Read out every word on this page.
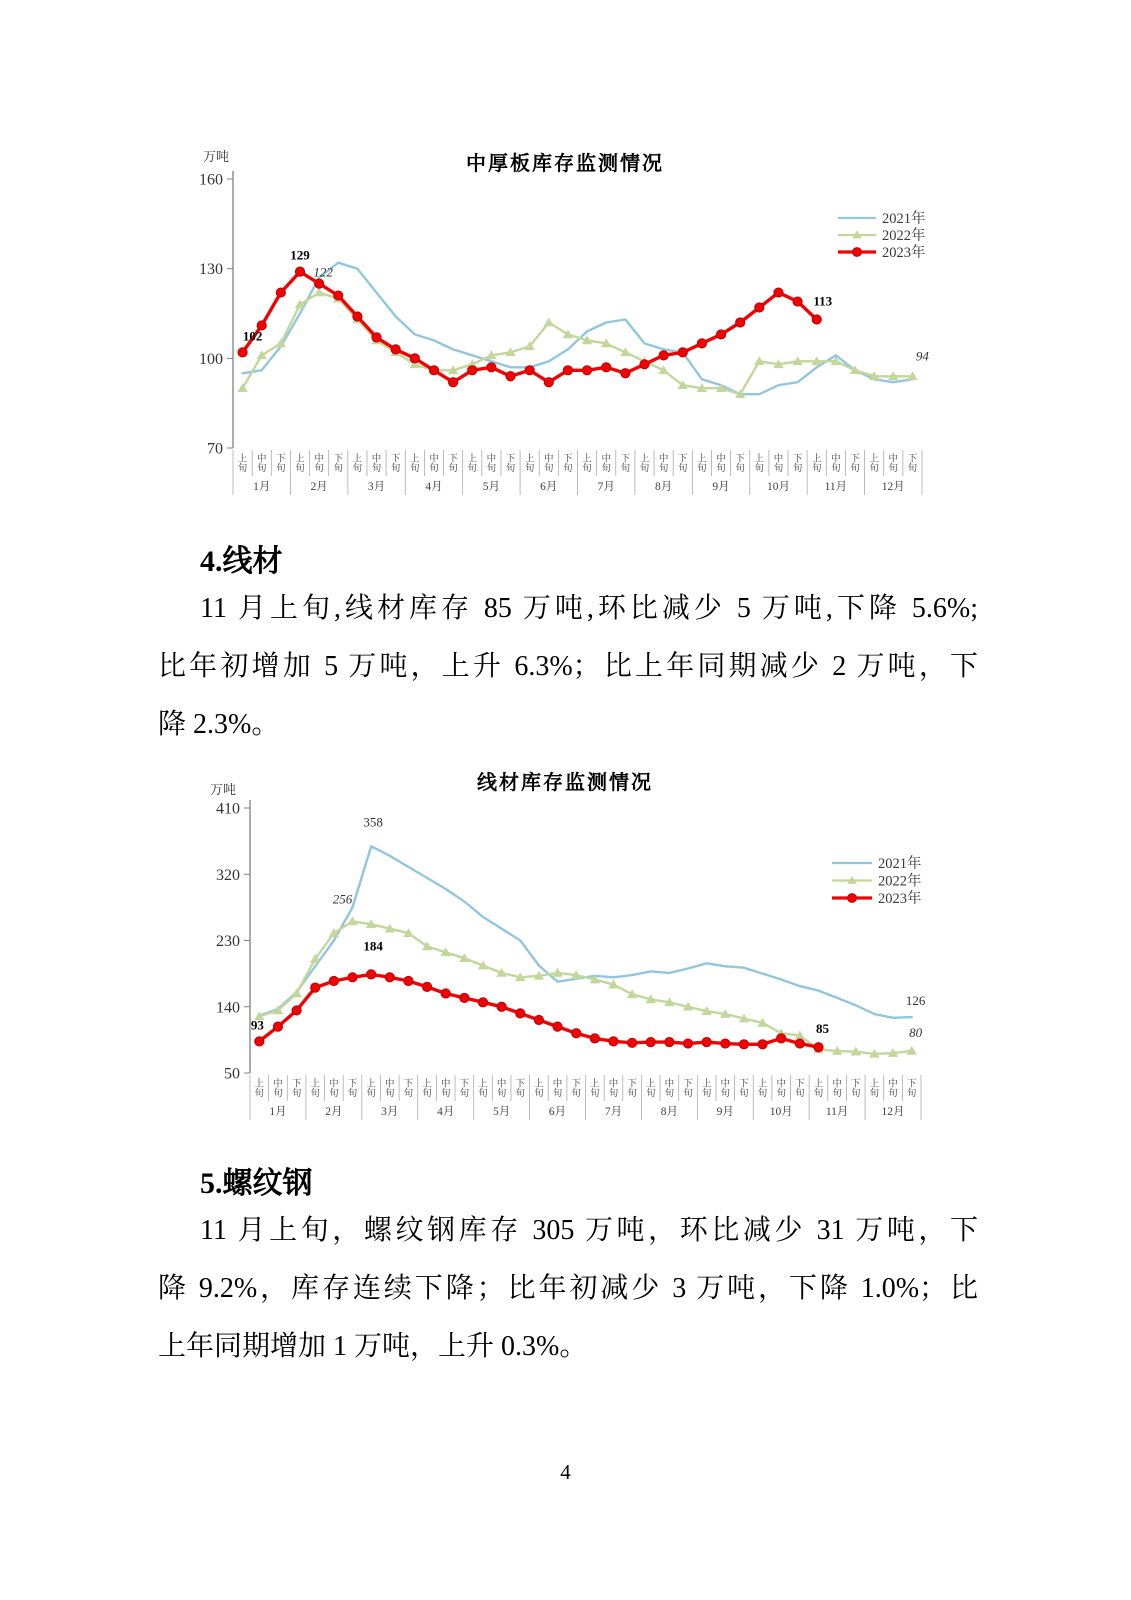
万吨	中厚板库存监测情况
70
100
130
160
上旬
中旬
下旬
上旬
中旬
下旬
上旬
中旬
下旬
上旬
中旬
下旬
上旬
中旬
下旬
上旬
中旬
下旬
上旬
中旬
下旬
上旬
中旬
下旬
上旬
中旬
下旬
上旬
中旬
下旬
上旬
中旬
下旬
上旬
中旬
下旬
1月	2月	3月	4月	5月	6月	7月	8月	9月	10月	11月	12月
102
129
122
113
94
2021年
2022年
2023年
4.线材
11 月上旬,线材库存 85 万吨,环比减少 5 万吨,下降 5.6%;
比年初增加 5 万吨，上升 6.3%；比上年同期减少 2 万吨，下
降 2.3%。
万吨	线材库存监测情况
50
140
230
320
410
上旬
中旬
下旬
上旬
中旬
下旬
上旬
中旬
下旬
上旬
中旬
下旬
上旬
中旬
下旬
上旬
中旬
下旬
上旬
中旬
下旬
上旬
中旬
下旬
上旬
中旬
下旬
上旬
中旬
下旬
上旬
中旬
下旬
上旬
中旬
下旬
1月	2月	3月	4月	5月	6月	7月	8月	9月	10月	11月	12月
93
358
256
184
85
126
80
2021年
2022年
2023年
5.螺纹钢
11 月上旬，螺纹钢库存 305 万吨，环比减少 31 万吨，下
降 9.2%，库存连续下降；比年初减少 3 万吨，下降 1.0%；比
上年同期增加 1 万吨，上升 0.3%。
4
